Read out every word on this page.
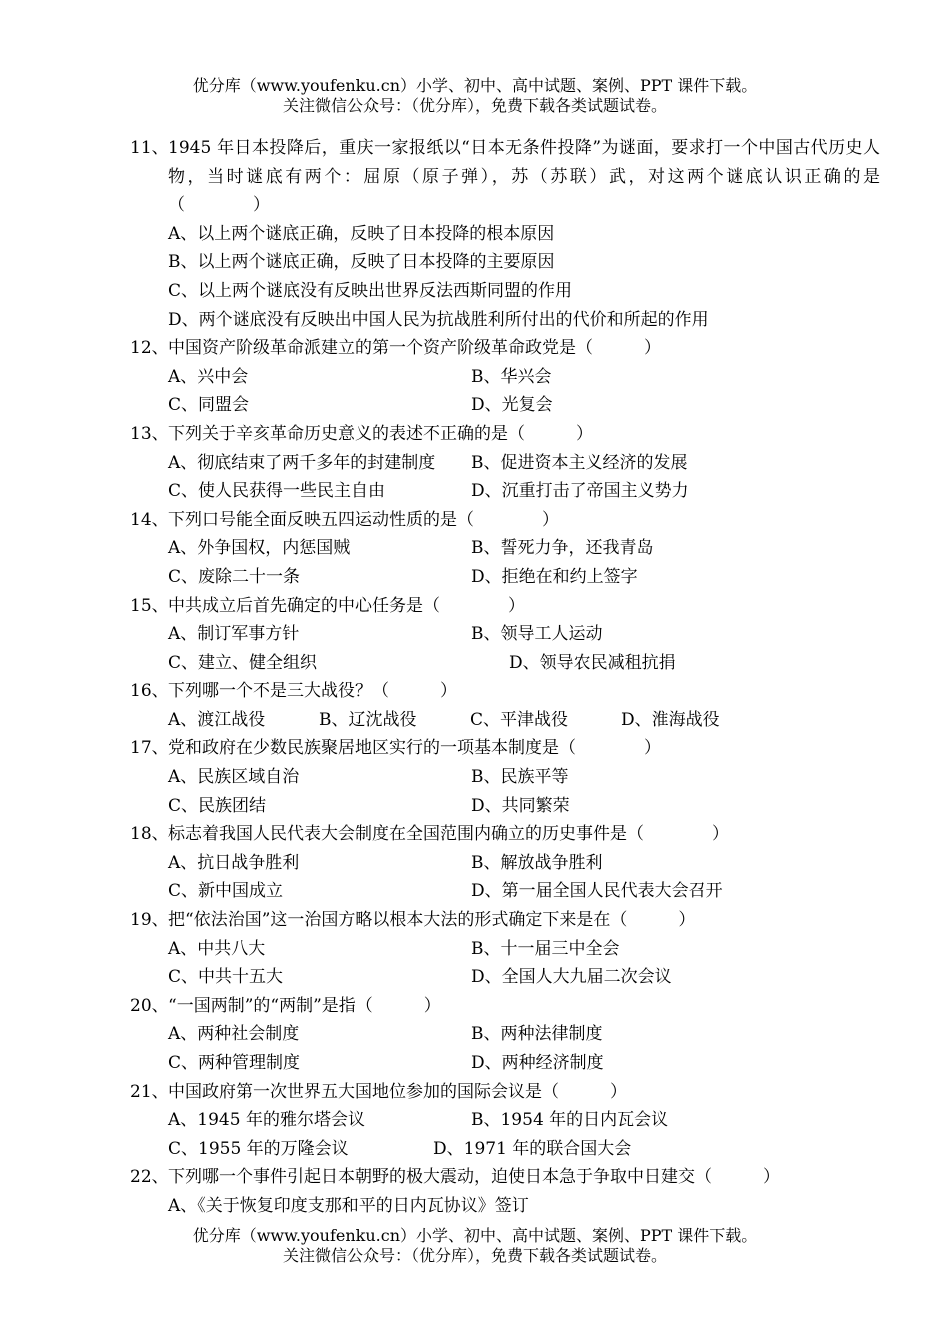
优分库（www.youfenku.cn）小学、初中、高中试题、案例、PPT 课件下载。
关注微信公众号：（优分库），免费下载各类试题试卷。
11、 1945 年日本投降后，重庆一家报纸以“日本无条件投降”为谜面，要求打一个中国古代历史人物，当时谜底有两个：屈原（原子弹），苏（苏联）武，对这两个谜底认识正确的是（　　　　）
A、以上两个谜底正确，反映了日本投降的根本原因
B、以上两个谜底正确，反映了日本投降的主要原因
C、以上两个谜底没有反映出世界反法西斯同盟的作用
D、两个谜底没有反映出中国人民为抗战胜利所付出的代价和所起的作用
12、 中国资产阶级革命派建立的第一个资产阶级革命政党是（　　　）
A、兴中会	B、华兴会
C、同盟会	D、光复会
13、 下列关于辛亥革命历史意义的表述不正确的是（　　　）
A、彻底结束了两千多年的封建制度	B、促进资本主义经济的发展
C、使人民获得一些民主自由	D、沉重打击了帝国主义势力
14、 下列口号能全面反映五四运动性质的是（　　　　）
A、外争国权，内惩国贼	B、誓死力争，还我青岛
C、废除二十一条	D、拒绝在和约上签字
15、 中共成立后首先确定的中心任务是（　　　　）
A、制订军事方针	B、领导工人运动
C、建立、健全组织	D、领导农民减租抗捐
16、 下列哪一个不是三大战役？（　　　）
A、渡江战役	B、辽沈战役	C、平津战役	D、淮海战役
17、 党和政府在少数民族聚居地区实行的一项基本制度是（　　　　）
A、民族区域自治	B、民族平等
C、民族团结	D、共同繁荣
18、 标志着我国人民代表大会制度在全国范围内确立的历史事件是（　　　　）
A、抗日战争胜利	B、解放战争胜利
C、新中国成立	D、第一届全国人民代表大会召开
19、 把“依法治国”这一治国方略以根本大法的形式确定下来是在（　　　）
A、中共八大	B、十一届三中全会
C、中共十五大	D、全国人大九届二次会议
20、 “一国两制”的“两制”是指（　　　）
A、两种社会制度	B、两种法律制度
C、两种管理制度	D、两种经济制度
21、 中国政府第一次世界五大国地位参加的国际会议是（　　　）
A、1945 年的雅尔塔会议	B、1954 年的日内瓦会议
C、1955 年的万隆会议	D、1971 年的联合国大会
22、 下列哪一个事件引起日本朝野的极大震动，迫使日本急于争取中日建交（　　　）
A、《关于恢复印度支那和平的日内瓦协议》签订
优分库（www.youfenku.cn）小学、初中、高中试题、案例、PPT 课件下载。
关注微信公众号：（优分库），免费下载各类试题试卷。
